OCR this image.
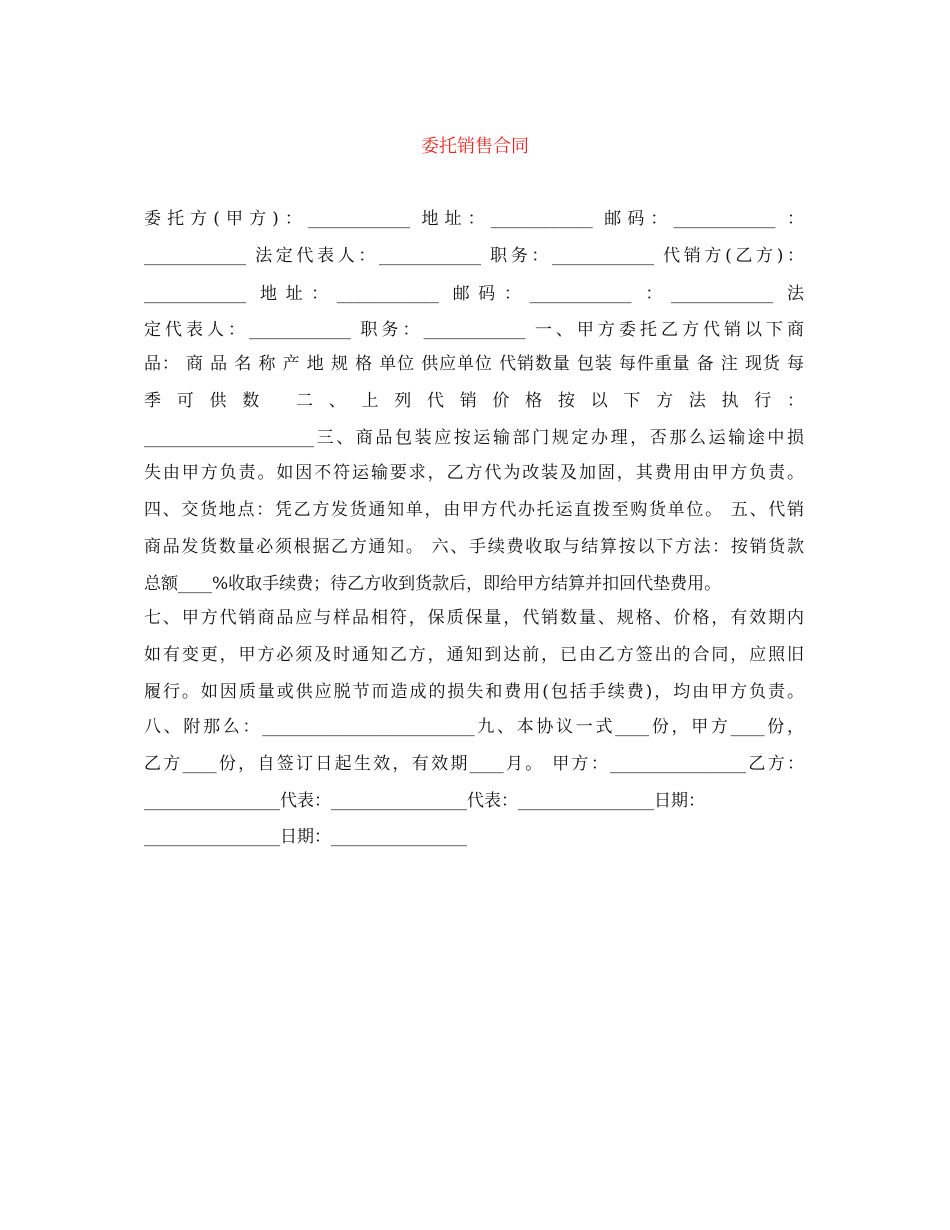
委托销售合同

委托方(甲方)：____________ 地址：____________ 邮码：____________ ：

____________ 法定代表人：____________ 职务：____________ 代销方(乙方)：

____________ 地址：____________ 邮码：____________ ：____________ 法

定代表人：____________ 职务：____________ 一、甲方委托乙方代销以下商

品： 商 品 名 称 产 地 规 格 单位 供应单位 代销数量 包装 每件重量 备 注 现货 每

季可供数 二、上列代销价格按以下方法执行：

____________________三、商品包装应按运输部门规定办理，否那么运输途中损

失由甲方负责。如因不符运输要求，乙方代为改装及加固，其费用由甲方负责。

四、交货地点：凭乙方发货通知单，由甲方代办托运直拨至购货单位。 五、代销

商品发货数量必须根据乙方通知。 六、手续费收取与结算按以下方法：按销货款

总额____%收取手续费；待乙方收到货款后，即给甲方结算并扣回代垫费用。

七、甲方代销商品应与样品相符，保质保量，代销数量、规格、价格，有效期内

如有变更，甲方必须及时通知乙方，通知到达前，已由乙方签出的合同，应照旧

履行。如因质量或供应脱节而造成的损失和费用(包括手续费)，均由甲方负责。

八、附那么：_________________________九、本协议一式____份，甲方____份，

乙方____份，自签订日起生效，有效期____月。 甲方：________________乙方：

________________代表：________________代表：________________日期：

________________日期：________________
